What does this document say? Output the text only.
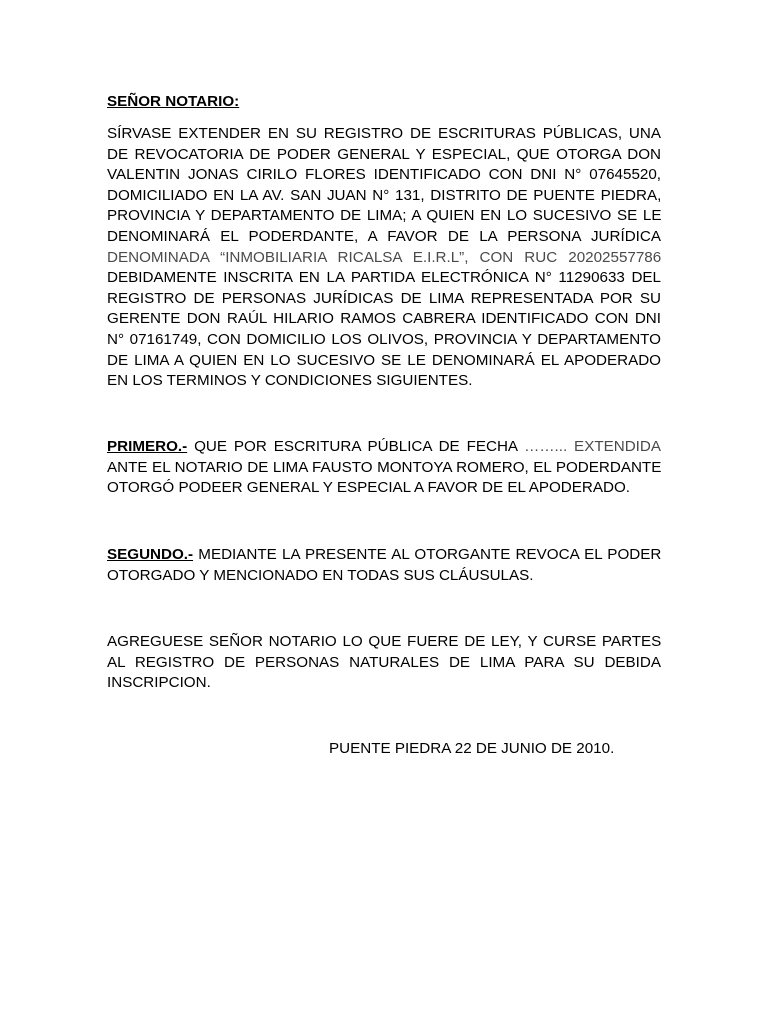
SEÑOR NOTARIO:

SÍRVASE EXTENDER EN SU REGISTRO DE ESCRITURAS PÚBLICAS, UNA
DE REVOCATORIA DE PODER GENERAL Y ESPECIAL, QUE OTORGA DON
VALENTIN JONAS CIRILO FLORES IDENTIFICADO CON DNI N° 07645520,
DOMICILIADO EN LA AV. SAN JUAN N° 131, DISTRITO DE PUENTE PIEDRA,
PROVINCIA Y DEPARTAMENTO DE LIMA; A QUIEN EN LO SUCESIVO SE LE
DENOMINARÁ EL PODERDANTE, A FAVOR DE LA PERSONA JURÍDICA
DENOMINADA “INMOBILIARIA RICALSA E.I.R.L”, CON RUC 20202557786
DEBIDAMENTE INSCRITA EN LA PARTIDA ELECTRÓNICA N° 11290633 DEL
REGISTRO DE PERSONAS JURÍDICAS DE LIMA REPRESENTADA POR SU
GERENTE DON RAÚL HILARIO RAMOS CABRERA IDENTIFICADO CON DNI
N° 07161749, CON DOMICILIO LOS OLIVOS, PROVINCIA Y DEPARTAMENTO
DE LIMA A QUIEN EN LO SUCESIVO SE LE DENOMINARÁ EL APODERADO
EN LOS TERMINOS Y CONDICIONES SIGUIENTES.
PRIMERO.- QUE POR ESCRITURA PÚBLICA DE FECHA ……... EXTENDIDA
ANTE EL NOTARIO DE LIMA FAUSTO MONTOYA ROMERO, EL PODERDANTE
OTORGÓ PODEER GENERAL Y ESPECIAL A FAVOR DE EL APODERADO.
SEGUNDO.- MEDIANTE LA PRESENTE AL OTORGANTE REVOCA EL PODER
OTORGADO Y MENCIONADO EN TODAS SUS CLÁUSULAS.
AGREGUESE SEÑOR NOTARIO LO QUE FUERE DE LEY, Y CURSE PARTES
AL REGISTRO DE PERSONAS NATURALES DE LIMA PARA SU DEBIDA
INSCRIPCION.

PUENTE PIEDRA 22 DE JUNIO DE 2010.
